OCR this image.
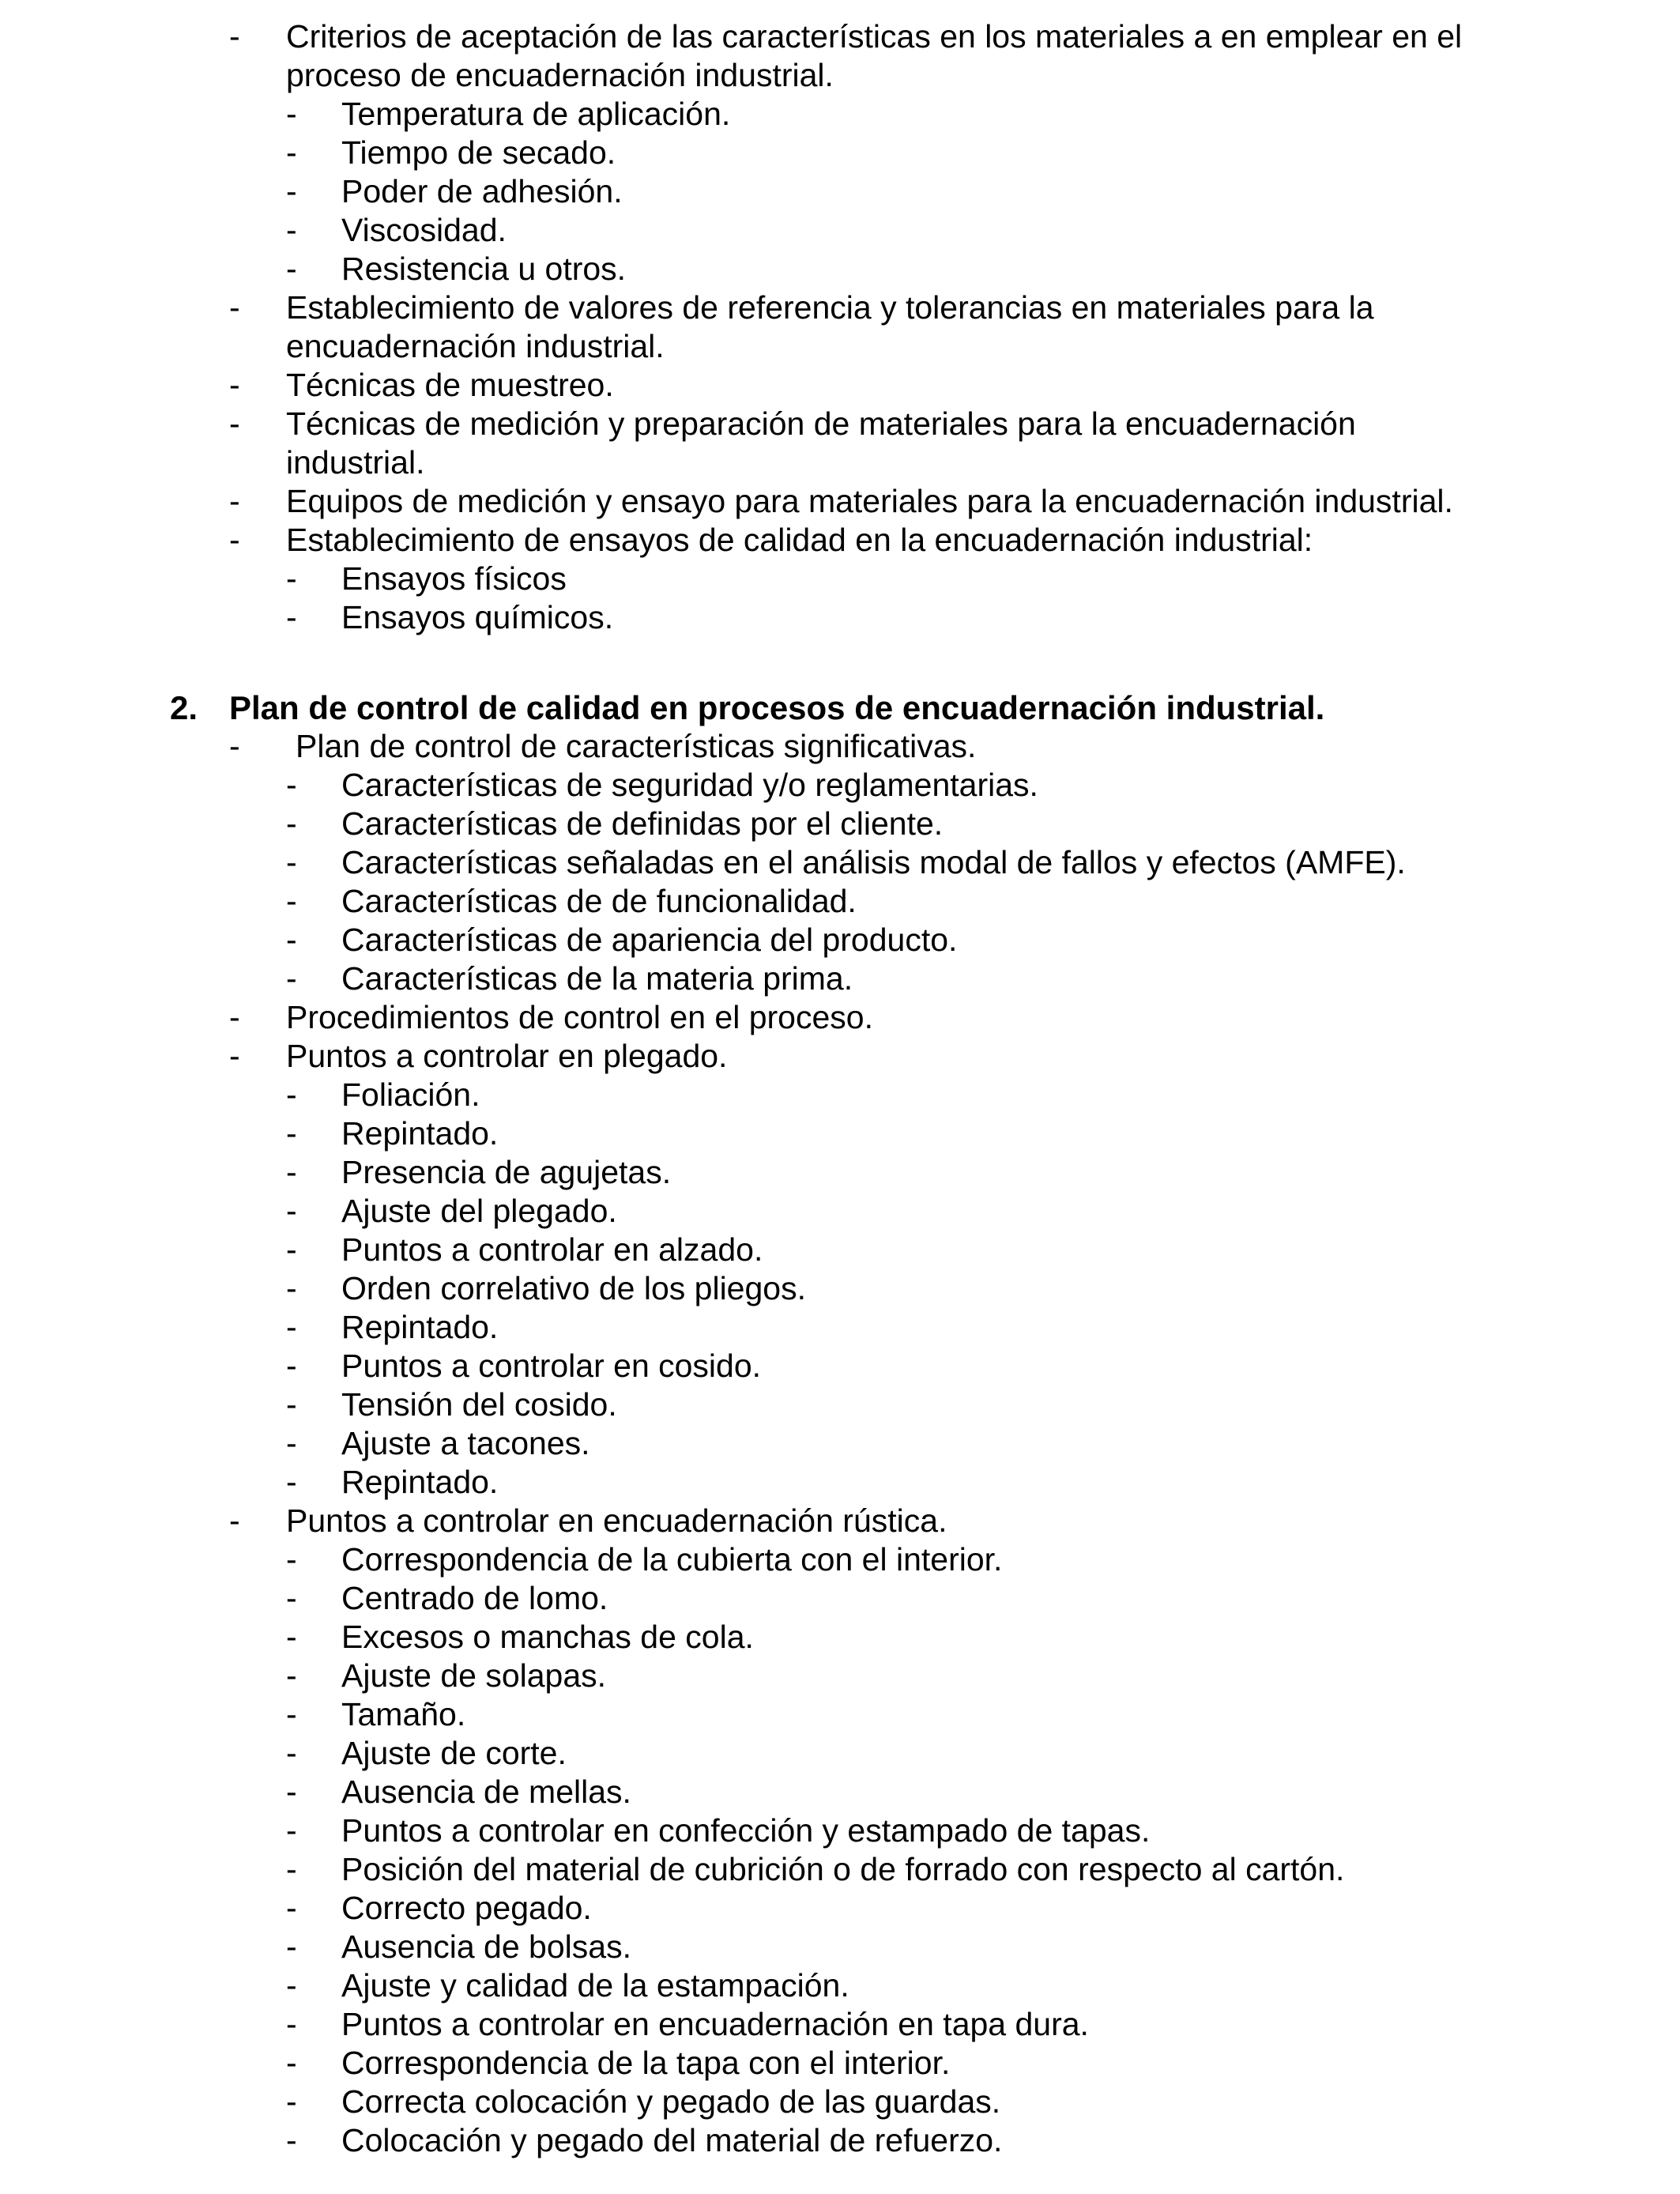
- Criterios de aceptación de las características en los materiales a en emplear en el
proceso de encuadernación industrial.
- Temperatura de aplicación.
- Tiempo de secado.
- Poder de adhesión.
- Viscosidad.
- Resistencia u otros.
- Establecimiento de valores de referencia y tolerancias en materiales para la
encuadernación industrial.
- Técnicas de muestreo.
- Técnicas de medición y preparación de materiales para la encuadernación
industrial.
- Equipos de medición y ensayo para materiales para la encuadernación industrial.
- Establecimiento de ensayos de calidad en la encuadernación industrial:
- Ensayos físicos
- Ensayos químicos.
2. Plan de control de calidad en procesos de encuadernación industrial.
- Plan de control de características significativas.
- Características de seguridad y/o reglamentarias.
- Características de definidas por el cliente.
- Características señaladas en el análisis modal de fallos y efectos (AMFE).
- Características de de funcionalidad.
- Características de apariencia del producto.
- Características de la materia prima.
- Procedimientos de control en el proceso.
- Puntos a controlar en plegado.
- Foliación.
- Repintado.
- Presencia de agujetas.
- Ajuste del plegado.
- Puntos a controlar en alzado.
- Orden correlativo de los pliegos.
- Repintado.
- Puntos a controlar en cosido.
- Tensión del cosido.
- Ajuste a tacones.
- Repintado.
- Puntos a controlar en encuadernación rústica.
- Correspondencia de la cubierta con el interior.
- Centrado de lomo.
- Excesos o manchas de cola.
- Ajuste de solapas.
- Tamaño.
- Ajuste de corte.
- Ausencia de mellas.
- Puntos a controlar en confección y estampado de tapas.
- Posición del material de cubrición o de forrado con respecto al cartón.
- Correcto pegado.
- Ausencia de bolsas.
- Ajuste y calidad de la estampación.
- Puntos a controlar en encuadernación en tapa dura.
- Correspondencia de la tapa con el interior.
- Correcta colocación y pegado de las guardas.
- Colocación y pegado del material de refuerzo.
